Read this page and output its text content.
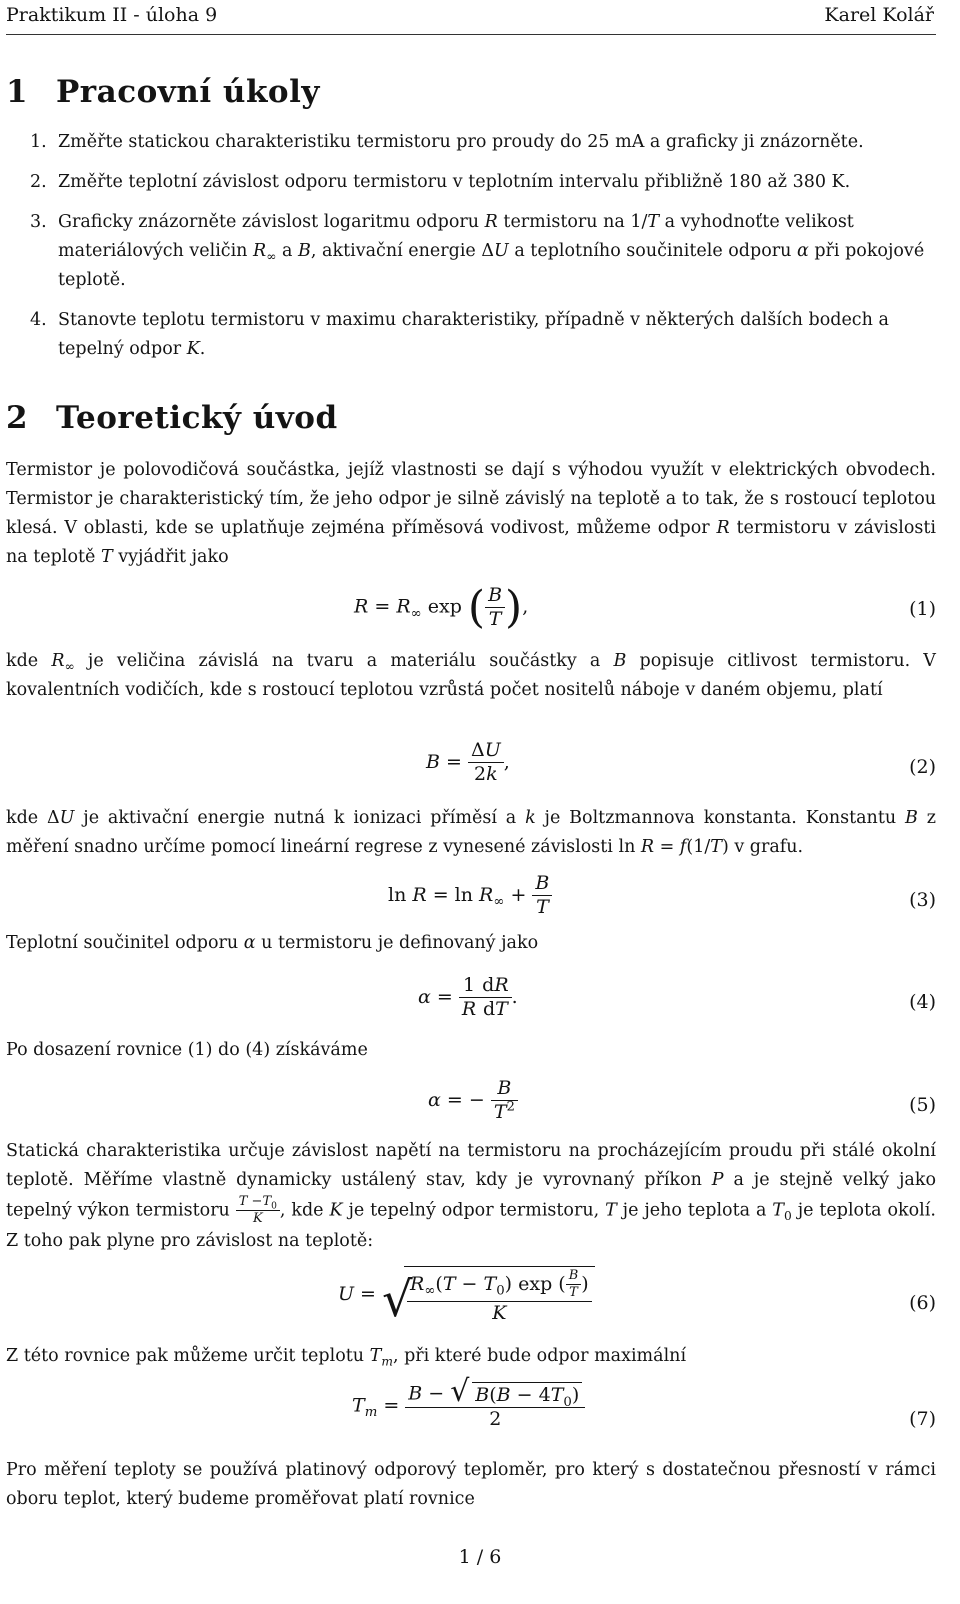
Praktikum II - úloha 9	Karel Kolář
1 Pracovní úkoly
1. Změřte statickou charakteristiku termistoru pro proudy do 25 mA a graficky ji znázorněte.
2. Změřte teplotní závislost odporu termistoru v teplotním intervalu přibližně 180 až 380 K.
3. Graficky znázorněte závislost logaritmu odporu R termistoru na 1/T a vyhodnoťte velikost materiálových veličin $R_\infty$ a B, aktivační energie ΔU a teplotního součinitele odporu α při pokojové teplotě.
4. Stanovte teplotu termistoru v maximu charakteristiky, případně v některých dalších bodech a tepelný odpor K.
2 Teoretický úvod
Termistor je polovodičová součástka, jejíž vlastnosti se dají s výhodou využít v elektrických obvodech. Termistor je charakteristický tím, že jeho odpor je silně závislý na teplotě a to tak, že s rostoucí teplotou klesá. V oblasti, kde se uplatňuje zejména příměsová vodivost, můžeme odpor R termistoru v závislosti na teplotě T vyjádřit jako
$R = R_\infty$ exp ( $\frac{B}{T}$ ),	(1)
kde $R_\infty$ je veličina závislá na tvaru a materiálu součástky a B popisuje citlivost termistoru. V kovalentních vodičích, kde s rostoucí teplotou vzrůstá počet nositelů náboje v daném objemu, platí
$B = \frac{\Delta U}{2k}$ ,	(2)
kde ΔU je aktivační energie nutná k ionizaci příměsí a k je Boltzmannova konstanta. Konstantu B z měření snadno určíme pomocí lineární regrese z vynesené závislosti ln R = f(1/T) v grafu.
$\ln R = \ln R_\infty + \frac{B}{T}$	(3)
Teplotní součinitel odporu α u termistoru je definovaný jako
$\alpha = \frac{1}{R} \frac{dR}{dT}$ .	(4)
Po dosazení rovnice (1) do (4) získáváme
α = − $\frac{B}{T^2}$	(5)
Statická charakteristika určuje závislost napětí na termistoru na procházejícím proudu při stálé okolní teplotě. Měříme vlastně dynamicky ustálený stav, kdy je vyrovnaný příkon P a je stejně velký jako tepelný výkon termistoru $\frac{T -T_0}{K}$ , kde K je tepelný odpor termistoru, T je jeho teplota a $T_0$ je teplota okolí. Z toho pak plyne pro závislost na teplotě:
U = √
$\frac{R_\infty(T - T_0) \exp ( \frac{B}{T} )}{K}$	(6)
Z této rovnice pak můžeme určit teplotu $T_m$, při které bude odpor maximální
$T_m = \frac{B - √ B(B - 4T_0)}{2}$	(7)
Pro měření teploty se používá platinový odporový teploměr, pro který s dostatečnou přesností v rámci oboru teplot, který budeme proměřovat platí rovnice
1 / 6
